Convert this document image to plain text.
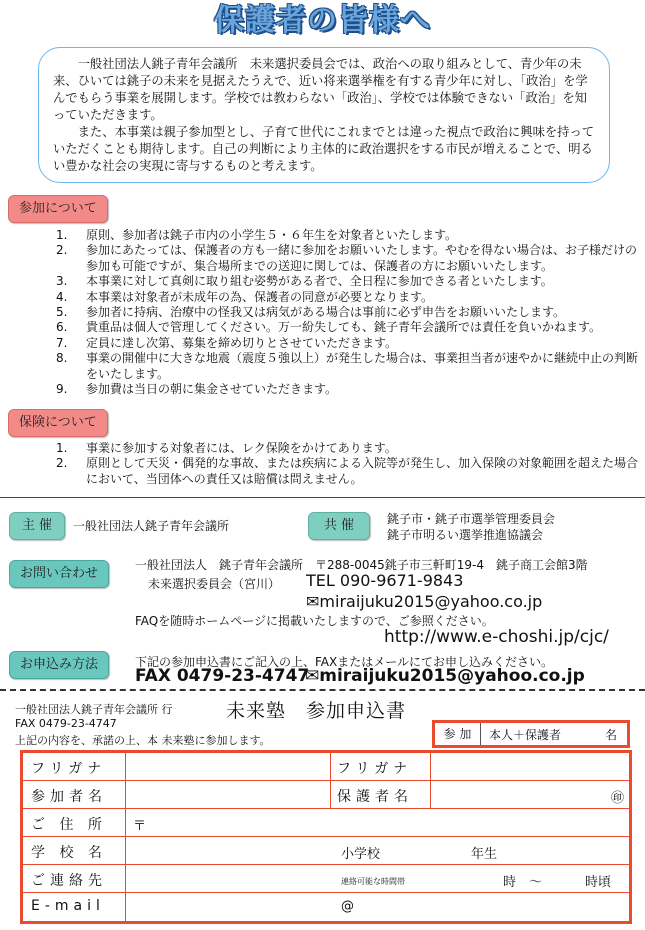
保護者の皆様へ

一般社団法人銚子青年会議所　未来選択委員会では、政治への取り組みとして、青少年の未来、ひいては銚子の未来を見据えたうえで、近い将来選挙権を有する青少年に対し、「政治」を学んでもらう事業を展開します。学校では教わらない「政治」、学校では体験できない「政治」を知っていただきます。

また、本事業は親子参加型とし、子育て世代にこれまでとは違った視点で政治に興味を持っていただくことも期待します。自己の判断により主体的に政治選択をする市民が増えることで、明るい豊かな社会の実現に寄与するものと考えます。

参加について
1. 原則、参加者は銚子市内の小学生５・６年生を対象者といたします。
2. 参加にあたっては、保護者の方も一緒に参加をお願いいたします。やむを得ない場合は、お子様だけの参加も可能ですが、集合場所までの送迎に関しては、保護者の方にお願いいたします。
3. 本事業に対して真剣に取り組む姿勢がある者で、全日程に参加できる者といたします。
4. 本事業は対象者が未成年の為、保護者の同意が必要となります。
5. 参加者に持病、治療中の怪我又は病気がある場合は事前に必ず申告をお願いいたします。
6. 貴重品は個人で管理してください。万一紛失しても、銚子青年会議所では責任を負いかねます。
7. 定員に達し次第、募集を締め切りとさせていただきます。
8. 事業の開催中に大きな地震（震度５強以上）が発生した場合は、事業担当者が速やかに継続中止の判断をいたします。
9. 参加費は当日の朝に集金させていただきます。
保険について
1. 事業に参加する対象者には、レク保険をかけてあります。
2. 原則として天災・偶発的な事故、または疾病による入院等が発生し、加入保険の対象範囲を超えた場合において、当団体への責任又は賠償は問えません。
主 催	一般社団法人銚子青年会議所	共 催	銚子市・銚子市選挙管理委員会
銚子市明るい選挙推進協議会
お問い合わせ
一般社団法人　銚子青年会議所　〒288-0045銚子市三軒町19-4　銚子商工会館3階
未来選択委員会（宮川） TEL 090-9671-9843
✉miraijuku2015@yahoo.co.jp
FAQを随時ホームページに掲載いたしますので、ご参照ください。
http://www.e-choshi.jp/cjc/
お申込み方法	下記の参加申込書にご記入の上、FAXまたはメールにてお申し込みください。
FAX 0479-23-4747
✉miraijuku2015@yahoo.co.jp
一般社団法人銚子青年会議所 行
FAX 0479-23-4747
上記の内容を、承諾の上、本 未来塾に参加します。
未来塾　参加申込書
参 加	本人＋保護者	名
フリガナ	フリガナ
参加者名	保護者名	㊞
ご 住 所 〒
学 校 名	小学校	年生
ご連絡先	連絡可能な時間帯	時　～	時頃
E-mail	@
